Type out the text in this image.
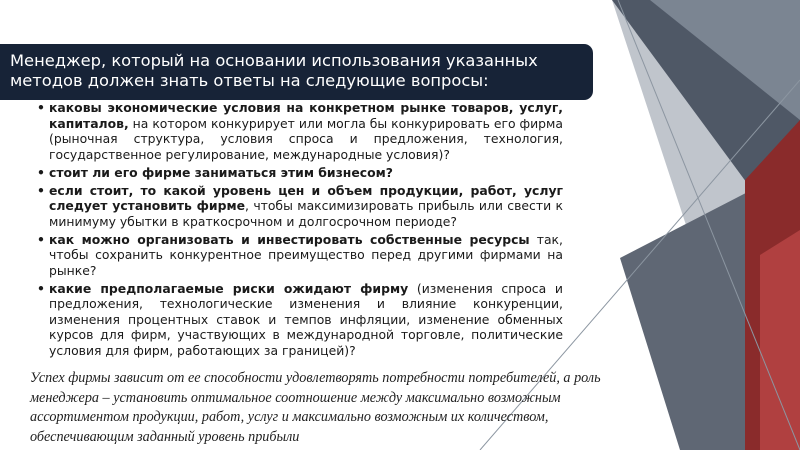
Менеджер, который на основании использования указанных
методов должен знать ответы на следующие вопросы:
• каковы экономические условия на конкретном рынке товаров, услуг, капиталов, на котором конкурирует или могла бы конкурировать его фирма (рыночная структура, условия спроса и предложения, технология, государственное регулирование, международные условия)?
• стоит ли его фирме заниматься этим бизнесом?
• если стоит, то какой уровень цен и объем продукции, работ, услуг следует установить фирме, чтобы максимизировать прибыль или свести к минимуму убытки в краткосрочном и долгосрочном периоде?
• как можно организовать и инвестировать собственные ресурсы так, чтобы сохранить конкурентное преимущество перед другими фирмами на рынке?
• какие предполагаемые риски ожидают фирму (изменения спроса и предложения, технологические изменения и влияние конкуренции, изменения процентных ставок и темпов инфляции, изменение обменных курсов для фирм, участвующих в международной торговле, политические условия для фирм, работающих за границей)?

Успех фирмы зависит от ее способности удовлетворять потребности потребителей, а роль менеджера – установить оптимальное соотношение между максимально возможным ассортиментом продукции, работ, услуг и максимально возможным их количеством, обеспечивающим заданный уровень прибыли
